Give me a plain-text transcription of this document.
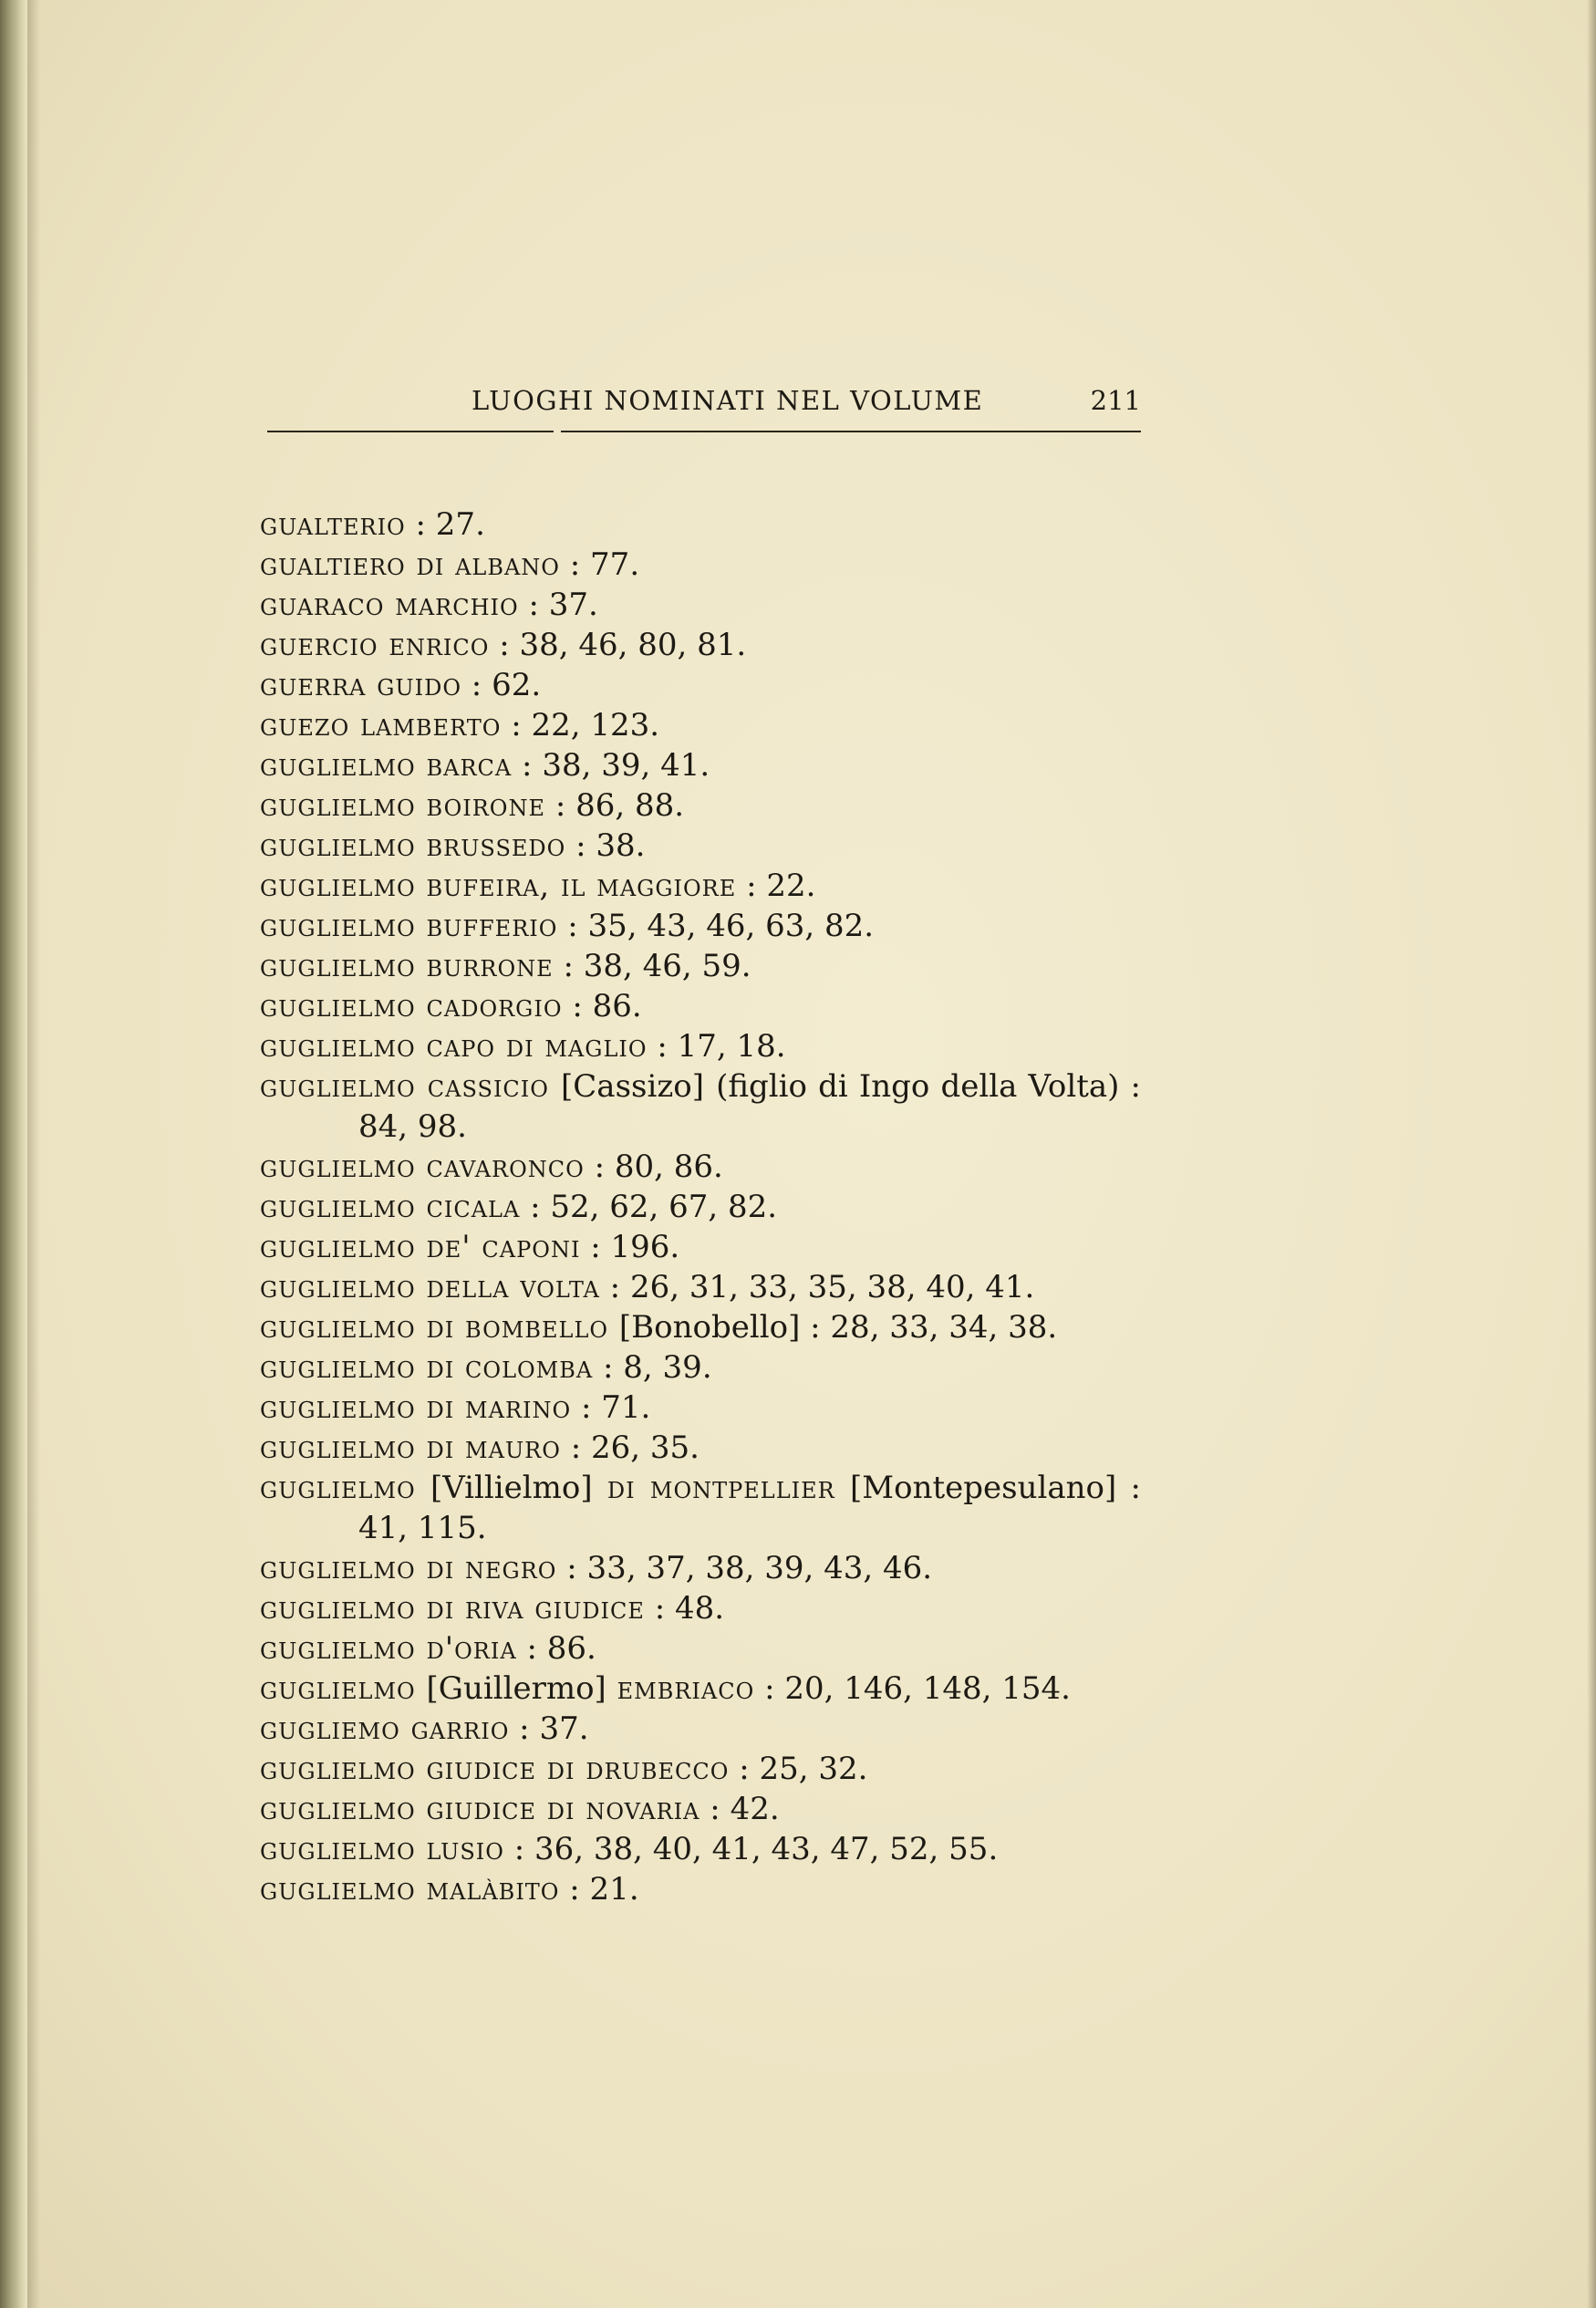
LUOGHI NOMINATI NEL VOLUME	211

gualterio : 27.

gualtiero di albano : 77.

guaraco marchio : 37.

guercio enrico : 38, 46, 80, 81.

guerra guido : 62.

guezo lamberto : 22, 123.

guglielmo barca : 38, 39, 41.

guglielmo boirone : 86, 88.

guglielmo brussedo : 38.

guglielmo bufeira, il maggiore : 22.

guglielmo bufferio : 35, 43, 46, 63, 82.

guglielmo burrone : 38, 46, 59.

guglielmo cadorgio : 86.

guglielmo capo di maglio : 17, 18.

guglielmo cassicio [Cassizo] (figlio di Ingo della Volta) : 84, 98.

guglielmo cavaronco : 80, 86.

guglielmo cicala : 52, 62, 67, 82.

guglielmo de' caponi : 196.

guglielmo della volta : 26, 31, 33, 35, 38, 40, 41.

guglielmo di bombello [Bonobello] : 28, 33, 34, 38.

guglielmo di colomba : 8, 39.

guglielmo di marino : 71.

guglielmo di mauro : 26, 35.

guglielmo [Villielmo] di montpellier [Montepesulano] : 41, 115.

guglielmo di negro : 33, 37, 38, 39, 43, 46.

guglielmo di riva giudice : 48.

guglielmo d'oria : 86.

guglielmo [Guillermo] embriaco : 20, 146, 148, 154.

gugliemo garrio : 37.

guglielmo giudice di drubecco : 25, 32.

guglielmo giudice di novaria : 42.

guglielmo lusio : 36, 38, 40, 41, 43, 47, 52, 55.

guglielmo malàbito : 21.
